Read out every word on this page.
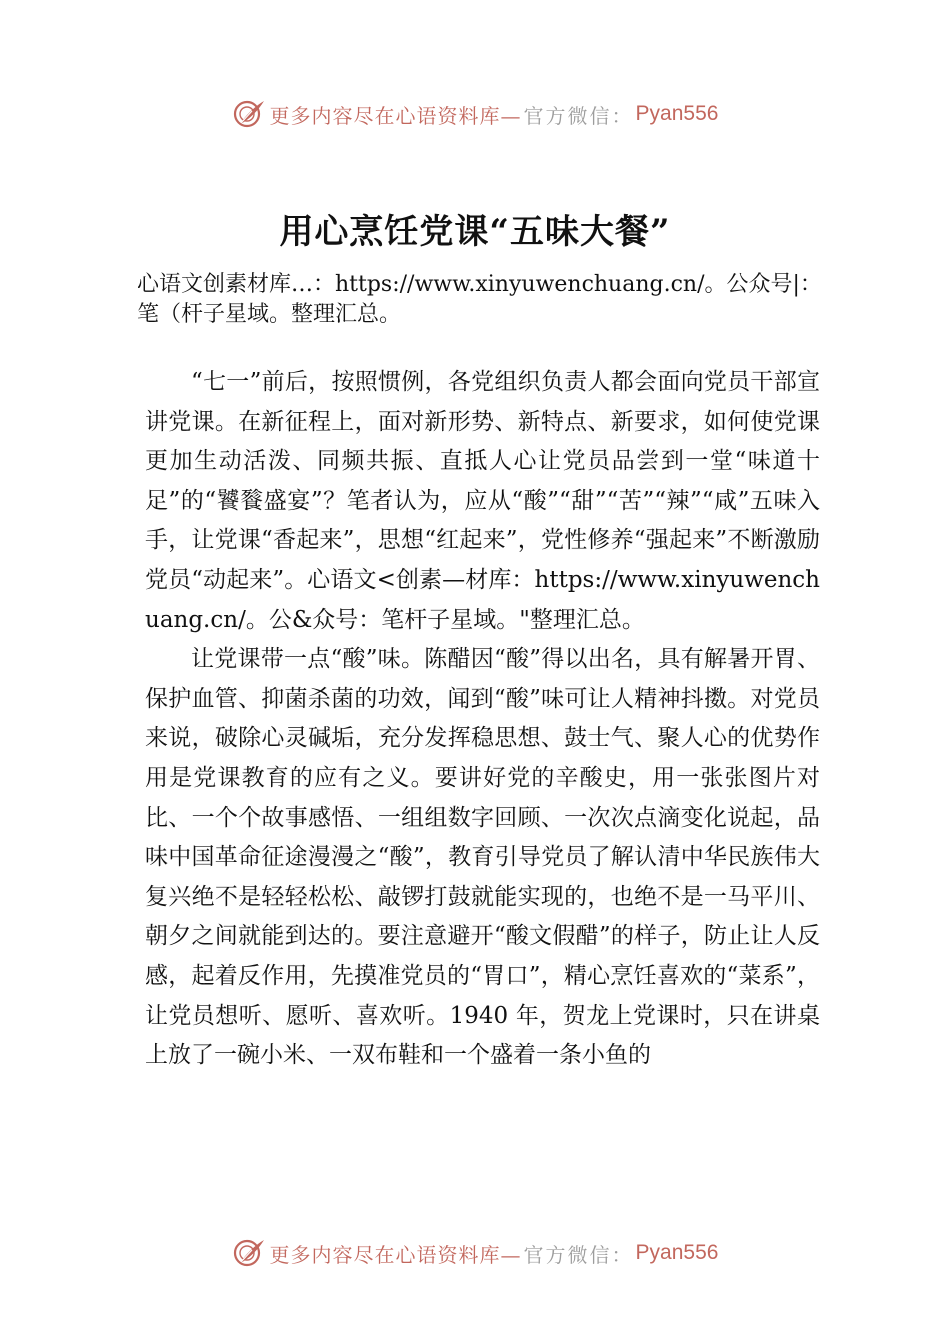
更多内容尽在心语资料库— 官方微信： Pyan556
用心烹饪党课“五味大餐”
心语文创素材库…：https://www.xinyuwenchuang.cn/。公众号|：笔（杆子星域。整理汇总。

“七一”前后，按照惯例，各党组织负责人都会面向党员干部宣讲党课。在新征程上，面对新形势、新特点、新要求，如何使党课更加生动活泼、同频共振、直抵人心让党员品尝到一堂“味道十足”的“饕餮盛宴”？笔者认为，应从“酸”“甜”“苦”“辣”“咸”五味入手，让党课“香起来”，思想“红起来”，党性修养“强起来”不断激励党员“动起来”。心语文<创素—材库：https://www.xinyuwenchuang.cn/。公&众号：笔杆子星域。"整理汇总。

让党课带一点“酸”味。陈醋因“酸”得以出名，具有解暑开胃、保护血管、抑菌杀菌的功效，闻到“酸”味可让人精神抖擞。对党员来说，破除心灵碱垢，充分发挥稳思想、鼓士气、聚人心的优势作用是党课教育的应有之义。要讲好党的辛酸史，用一张张图片对比、一个个故事感悟、一组组数字回顾、一次次点滴变化说起，品味中国革命征途漫漫之“酸”，教育引导党员了解认清中华民族伟大复兴绝不是轻轻松松、敲锣打鼓就能实现的，也绝不是一马平川、朝夕之间就能到达的。要注意避开“酸文假醋”的样子，防止让人反感，起着反作用，先摸准党员的“胃口”，精心烹饪喜欢的“菜系”，让党员想听、愿听、喜欢听。1940 年，贺龙上党课时，只在讲桌上放了一碗小米、一双布鞋和一个盛着一条小鱼的

更多内容尽在心语资料库— 官方微信： Pyan556
